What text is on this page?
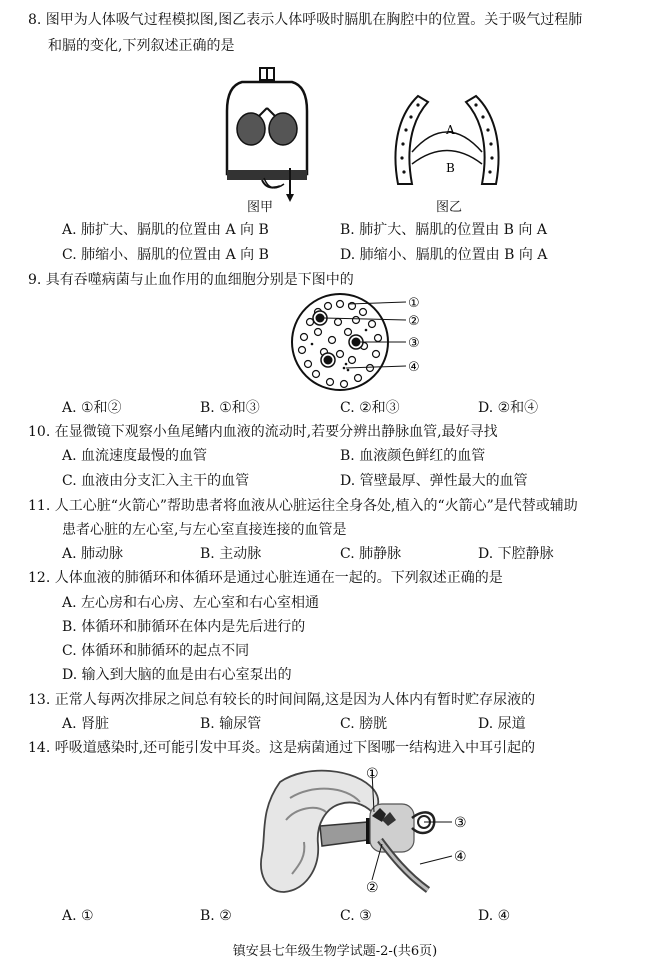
8. 图甲为人体吸气过程模拟图,图乙表示人体呼吸时膈肌在胸腔中的位置。关于吸气过程肺
和膈的变化,下列叙述正确的是
图甲
A
B
图乙
A. 肺扩大、膈肌的位置由 A 向 B	B. 肺扩大、膈肌的位置由 B 向 A
C. 肺缩小、膈肌的位置由 A 向 B	D. 肺缩小、膈肌的位置由 B 向 A
9. 具有吞噬病菌与止血作用的血细胞分别是下图中的
①
②
③
④
A. ①和②	B. ①和③	C. ②和③	D. ②和④
10. 在显微镜下观察小鱼尾鳍内血液的流动时,若要分辨出静脉血管,最好寻找
A. 血流速度最慢的血管	B. 血液颜色鲜红的血管
C. 血液由分支汇入主干的血管	D. 管壁最厚、弹性最大的血管
11. 人工心脏“火箭心”帮助患者将血液从心脏运往全身各处,植入的“火箭心”是代替或辅助
患者心脏的左心室,与左心室直接连接的血管是
A. 肺动脉	B. 主动脉	C. 肺静脉	D. 下腔静脉
12. 人体血液的肺循环和体循环是通过心脏连通在一起的。下列叙述正确的是
A. 左心房和右心房、左心室和右心室相通
B. 体循环和肺循环在体内是先后进行的
C. 体循环和肺循环的起点不同
D. 输入到大脑的血是由右心室泵出的
13. 正常人每两次排尿之间总有较长的时间间隔,这是因为人体内有暂时贮存尿液的
A. 肾脏	B. 输尿管	C. 膀胱	D. 尿道
14. 呼吸道感染时,还可能引发中耳炎。这是病菌通过下图哪一结构进入中耳引起的
①
②
③
④
A. ①	B. ②	C. ③	D. ④
镇安县七年级生物学试题-2-(共6页)
